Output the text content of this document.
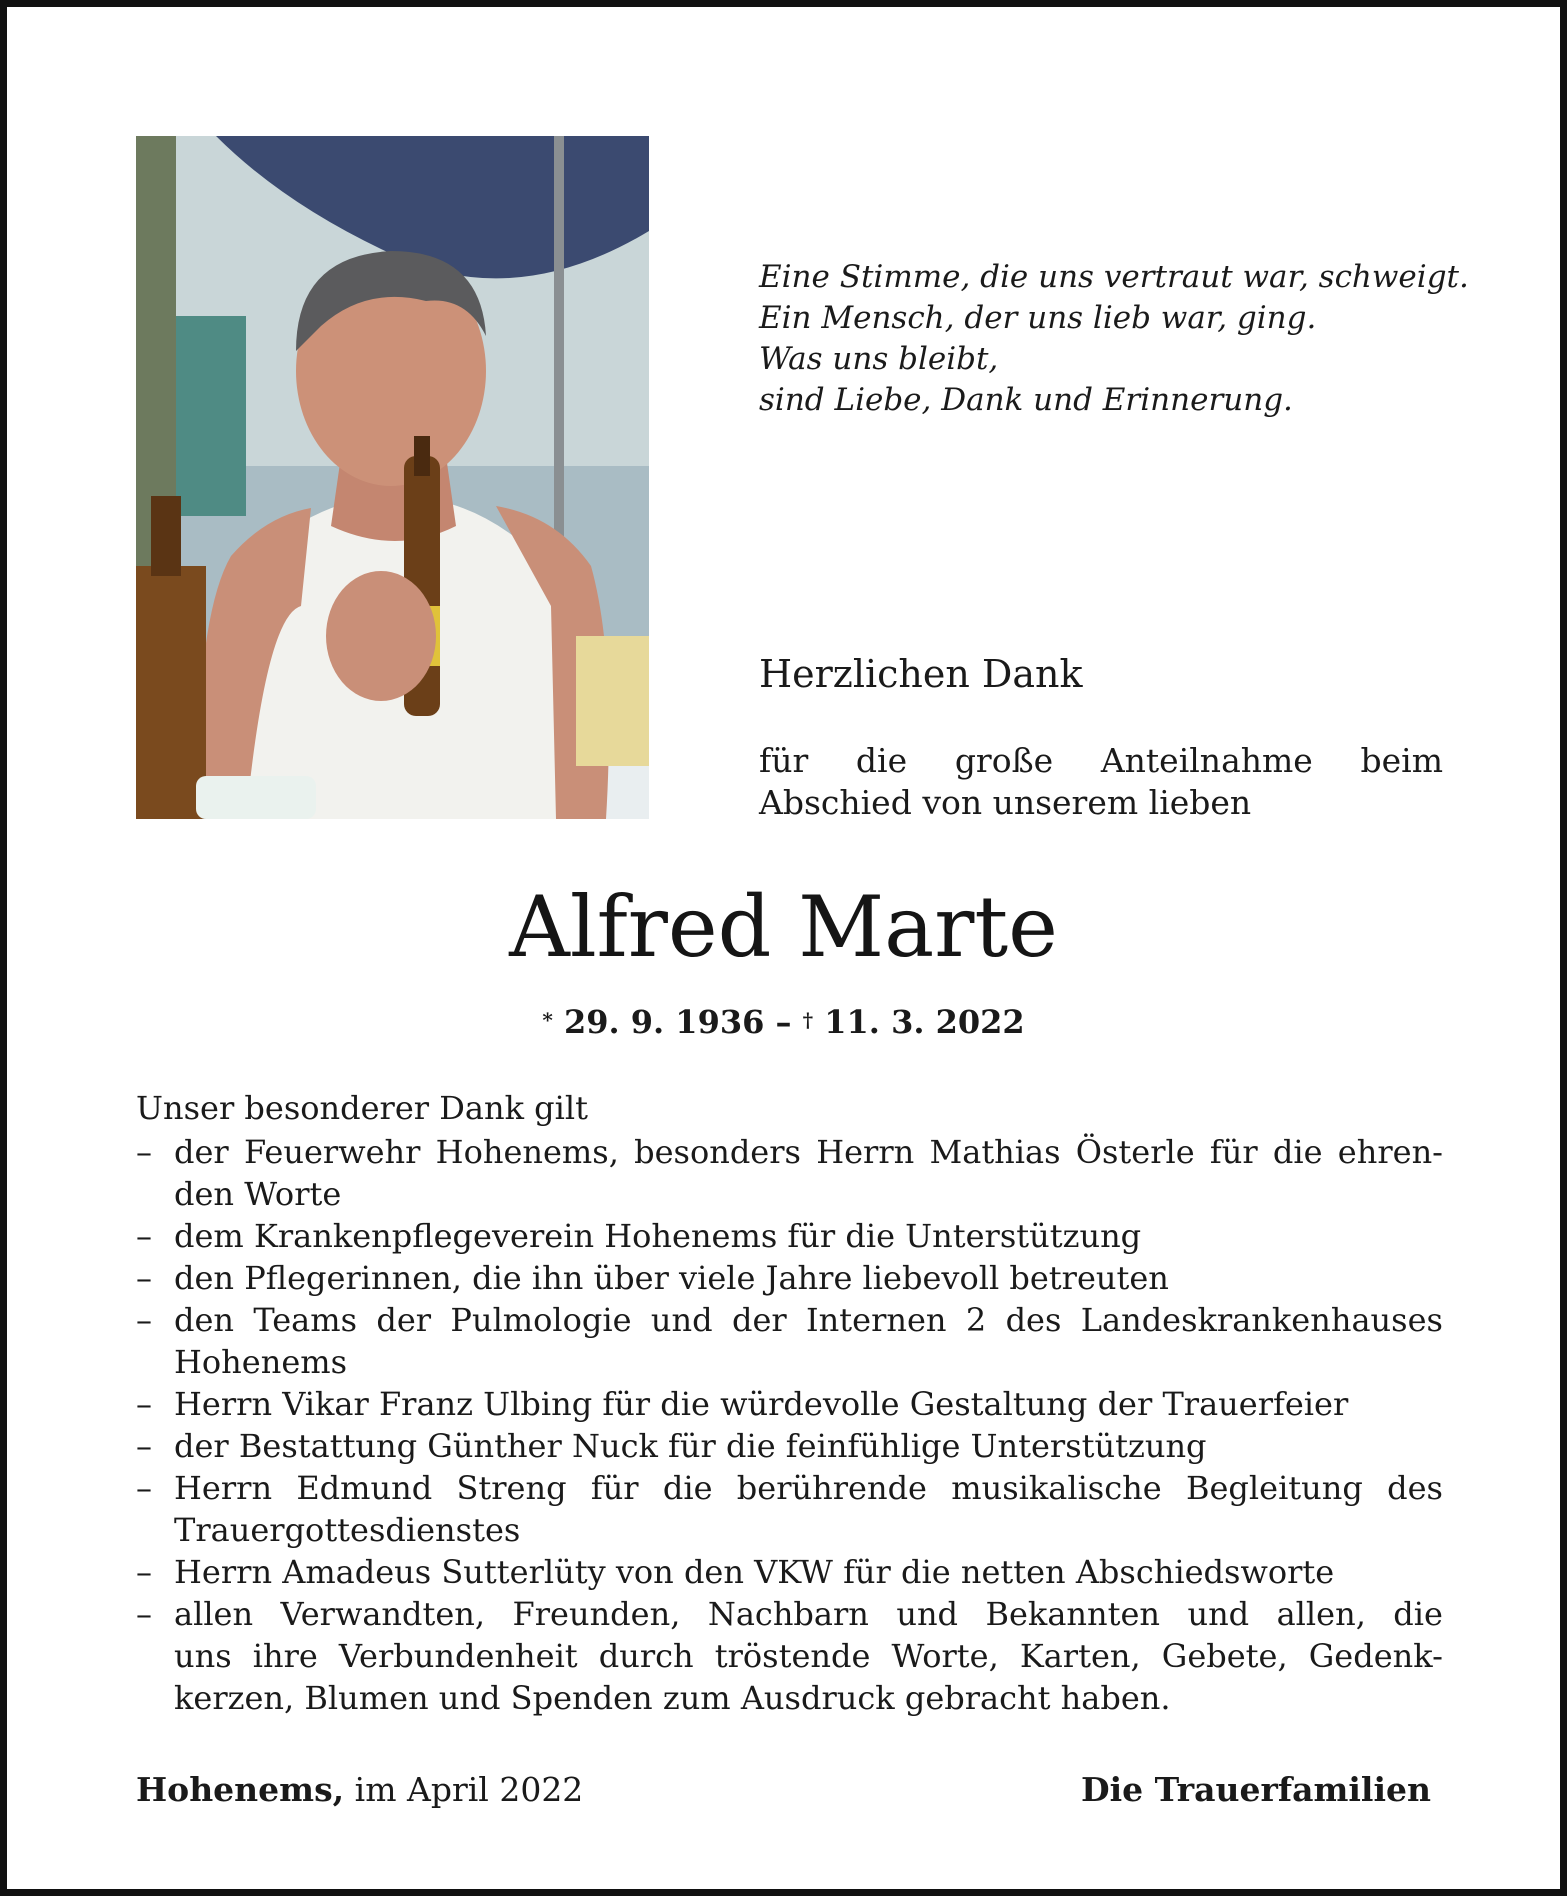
Eine Stimme, die uns vertraut war, schweigt.
Ein Mensch, der uns lieb war, ging.
Was uns bleibt,
sind Liebe, Dank und Erinnerung.
Herzlichen Dank
für die große Anteilnahme beim
Abschied von unserem lieben
Alfred Marte
* 29. 9. 1936 – † 11. 3. 2022
Unser besonderer Dank gilt
– der Feuerwehr Hohenems, besonders Herrn Mathias Österle für die ehren-
den Worte
– dem Krankenpflegeverein Hohenems für die Unterstützung
– den Pflegerinnen, die ihn über viele Jahre liebevoll betreuten
– den Teams der Pulmologie und der Internen 2 des Landeskrankenhauses
Hohenems
– Herrn Vikar Franz Ulbing für die würdevolle Gestaltung der Trauerfeier
– der Bestattung Günther Nuck für die feinfühlige Unterstützung
– Herrn Edmund Streng für die berührende musikalische Begleitung des
Trauergottesdienstes
– Herrn Amadeus Sutterlüty von den VKW für die netten Abschiedsworte
– allen Verwandten, Freunden, Nachbarn und Bekannten und allen, die
uns ihre Verbundenheit durch tröstende Worte, Karten, Gebete, Gedenk-
kerzen, Blumen und Spenden zum Ausdruck gebracht haben.
Hohenems, im April 2022	Die Trauerfamilien
